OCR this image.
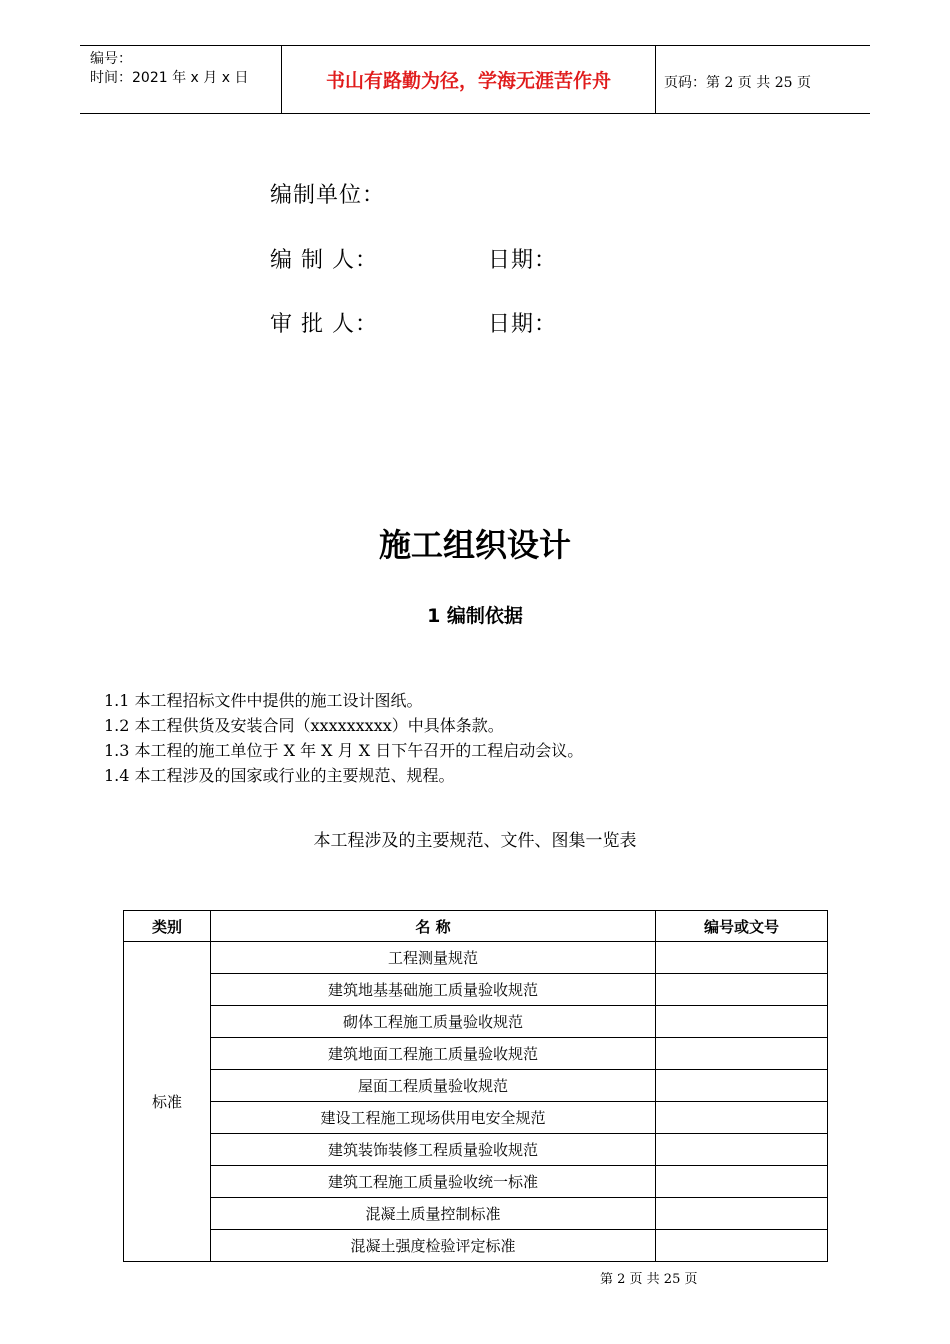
编号：
时间：2021 年 x 月 x 日	书山有路勤为径，学海无涯苦作舟	页码：第 2 页 共 25 页
编制单位：
编 制 人：	日期：
审 批 人：	日期：
施工组织设计
1 编制依据
1.1 本工程招标文件中提供的施工设计图纸。
1.2 本工程供货及安装合同（xxxxxxxxx）中具体条款。
1.3 本工程的施工单位于 X 年 X 月 X 日下午召开的工程启动会议。
1.4 本工程涉及的国家或行业的主要规范、规程。
本工程涉及的主要规范、文件、图集一览表
类别	名 称	编号或文号
标准	工程测量规范	
	建筑地基基础施工质量验收规范	
	砌体工程施工质量验收规范	
	建筑地面工程施工质量验收规范	
	屋面工程质量验收规范	
	建设工程施工现场供用电安全规范	
	建筑装饰装修工程质量验收规范	
	建筑工程施工质量验收统一标准	
	混凝土质量控制标准	
	混凝土强度检验评定标准	
第 2 页 共 25 页
